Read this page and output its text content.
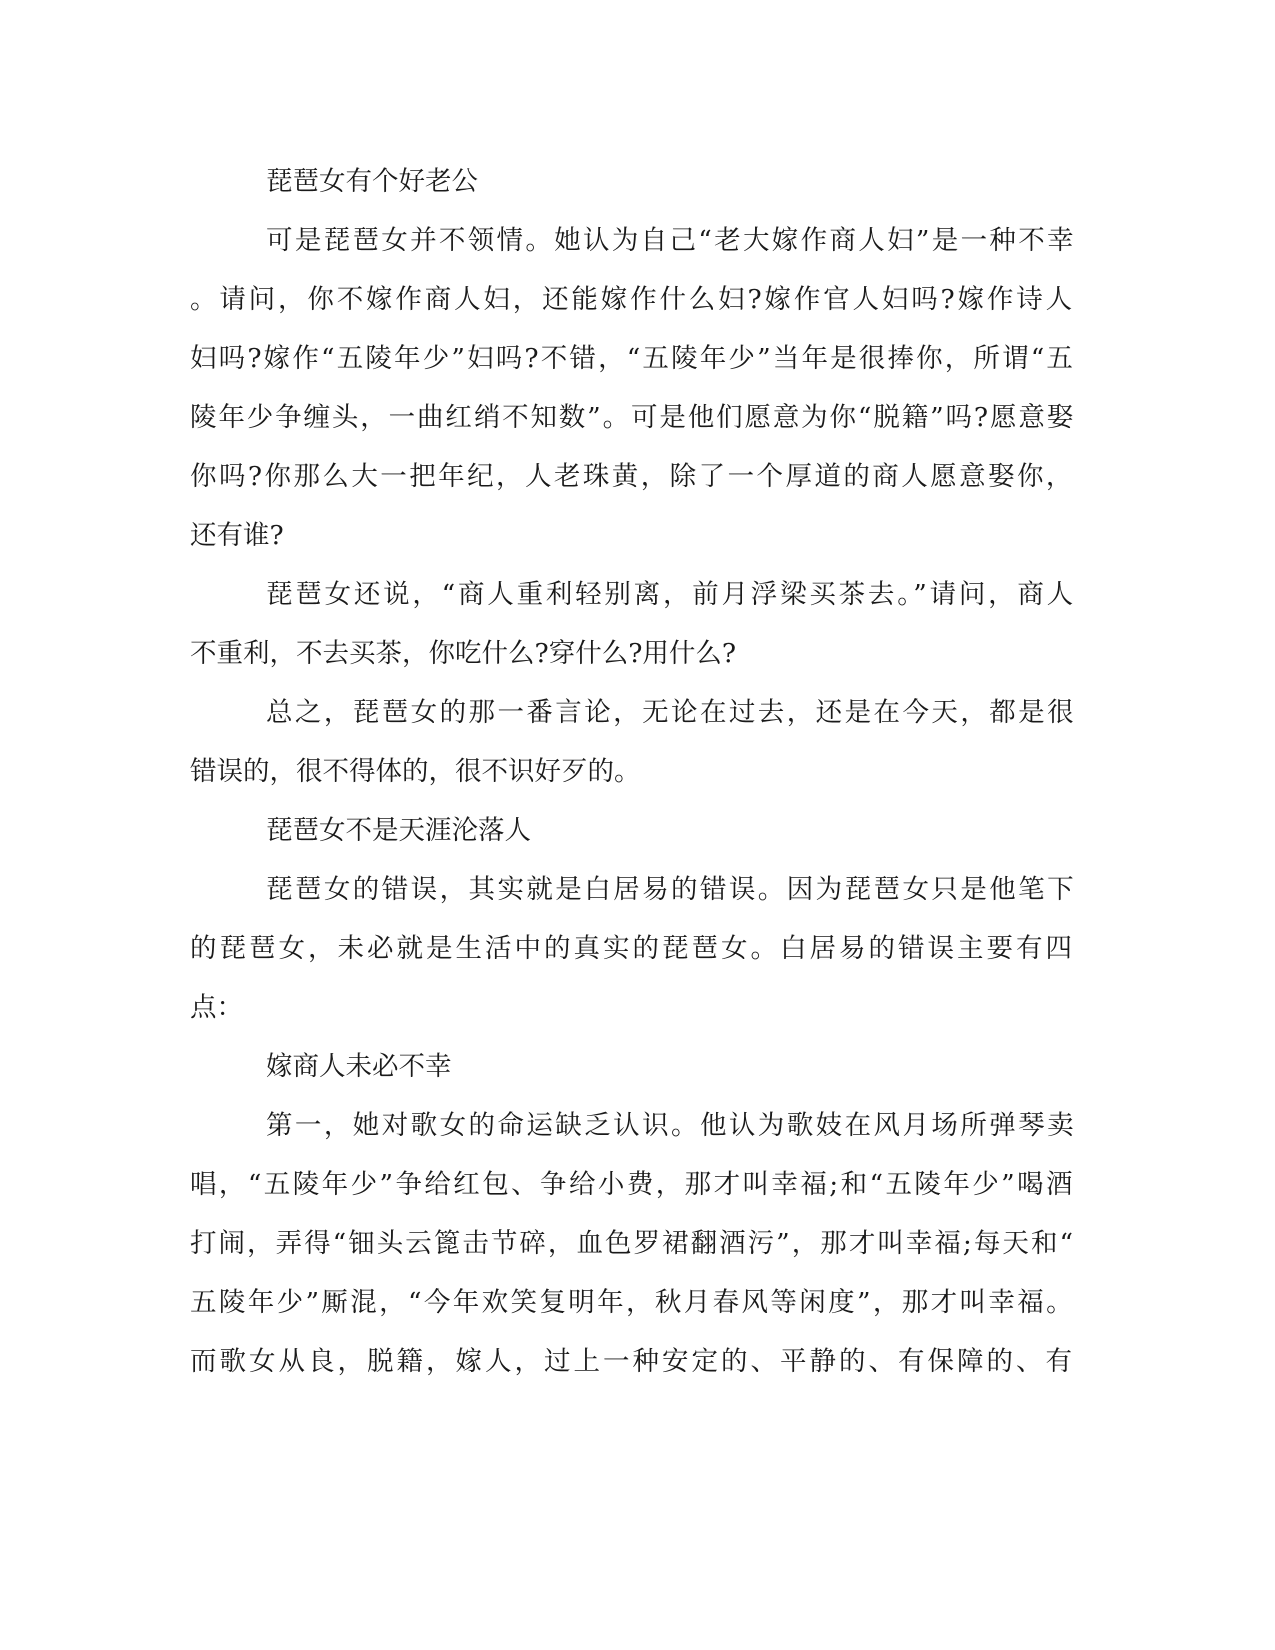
琵琶女有个好老公
可是琵琶女并不领情。她认为自己“老大嫁作商人妇”是一种不幸
。请问，你不嫁作商人妇，还能嫁作什么妇?嫁作官人妇吗?嫁作诗人
妇吗?嫁作“五陵年少”妇吗?不错，“五陵年少”当年是很捧你，所谓“五
陵年少争缠头，一曲红绡不知数”。可是他们愿意为你“脱籍”吗?愿意娶
你吗?你那么大一把年纪，人老珠黄，除了一个厚道的商人愿意娶你，
还有谁?
琵琶女还说，“商人重利轻别离，前月浮梁买茶去。”请问，商人
不重利，不去买茶，你吃什么?穿什么?用什么?
总之，琵琶女的那一番言论，无论在过去，还是在今天，都是很
错误的，很不得体的，很不识好歹的。
琵琶女不是天涯沦落人
琵琶女的错误，其实就是白居易的错误。因为琵琶女只是他笔下
的琵琶女，未必就是生活中的真实的琵琶女。白居易的错误主要有四
点：
嫁商人未必不幸
第一，她对歌女的命运缺乏认识。他认为歌妓在风月场所弹琴卖
唱，“五陵年少”争给红包、争给小费，那才叫幸福;和“五陵年少”喝酒
打闹，弄得“钿头云篦击节碎，血色罗裙翻酒污”，那才叫幸福;每天和“
五陵年少”厮混，“今年欢笑复明年，秋月春风等闲度”，那才叫幸福。
而歌女从良，脱籍，嫁人，过上一种安定的、平静的、有保障的、有
